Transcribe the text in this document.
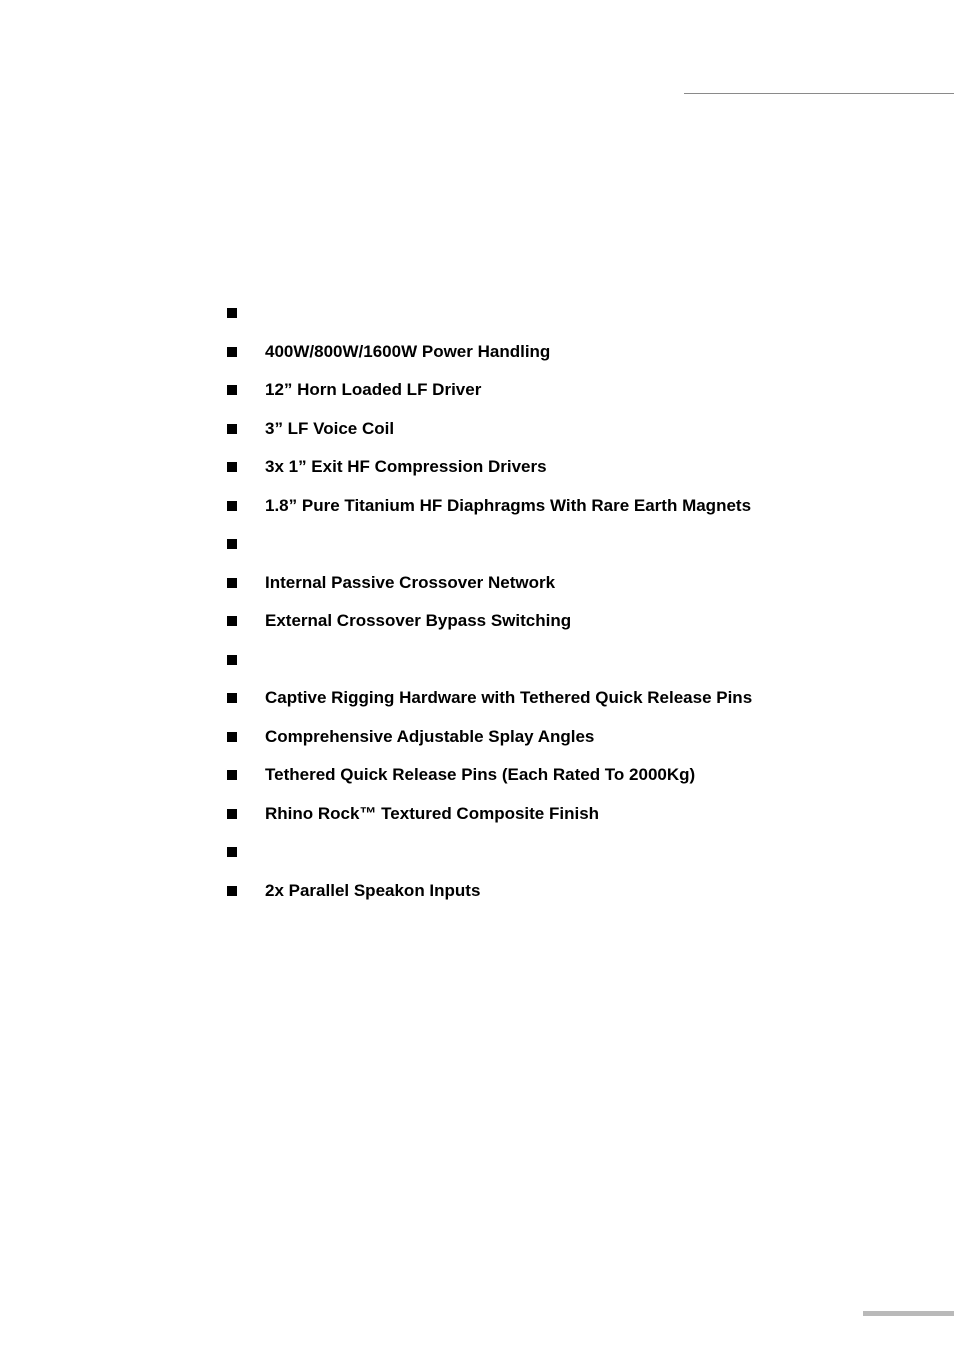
400W/800W/1600W Power Handling
12” Horn Loaded LF Driver
3” LF Voice Coil
3x 1” Exit HF Compression Drivers
1.8” Pure Titanium HF Diaphragms With Rare Earth Magnets
Internal Passive Crossover Network
External Crossover Bypass Switching
Captive Rigging Hardware with Tethered Quick Release Pins
Comprehensive Adjustable Splay Angles
Tethered Quick Release Pins (Each Rated To 2000Kg)
Rhino Rock™ Textured Composite Finish
2x Parallel Speakon Inputs
